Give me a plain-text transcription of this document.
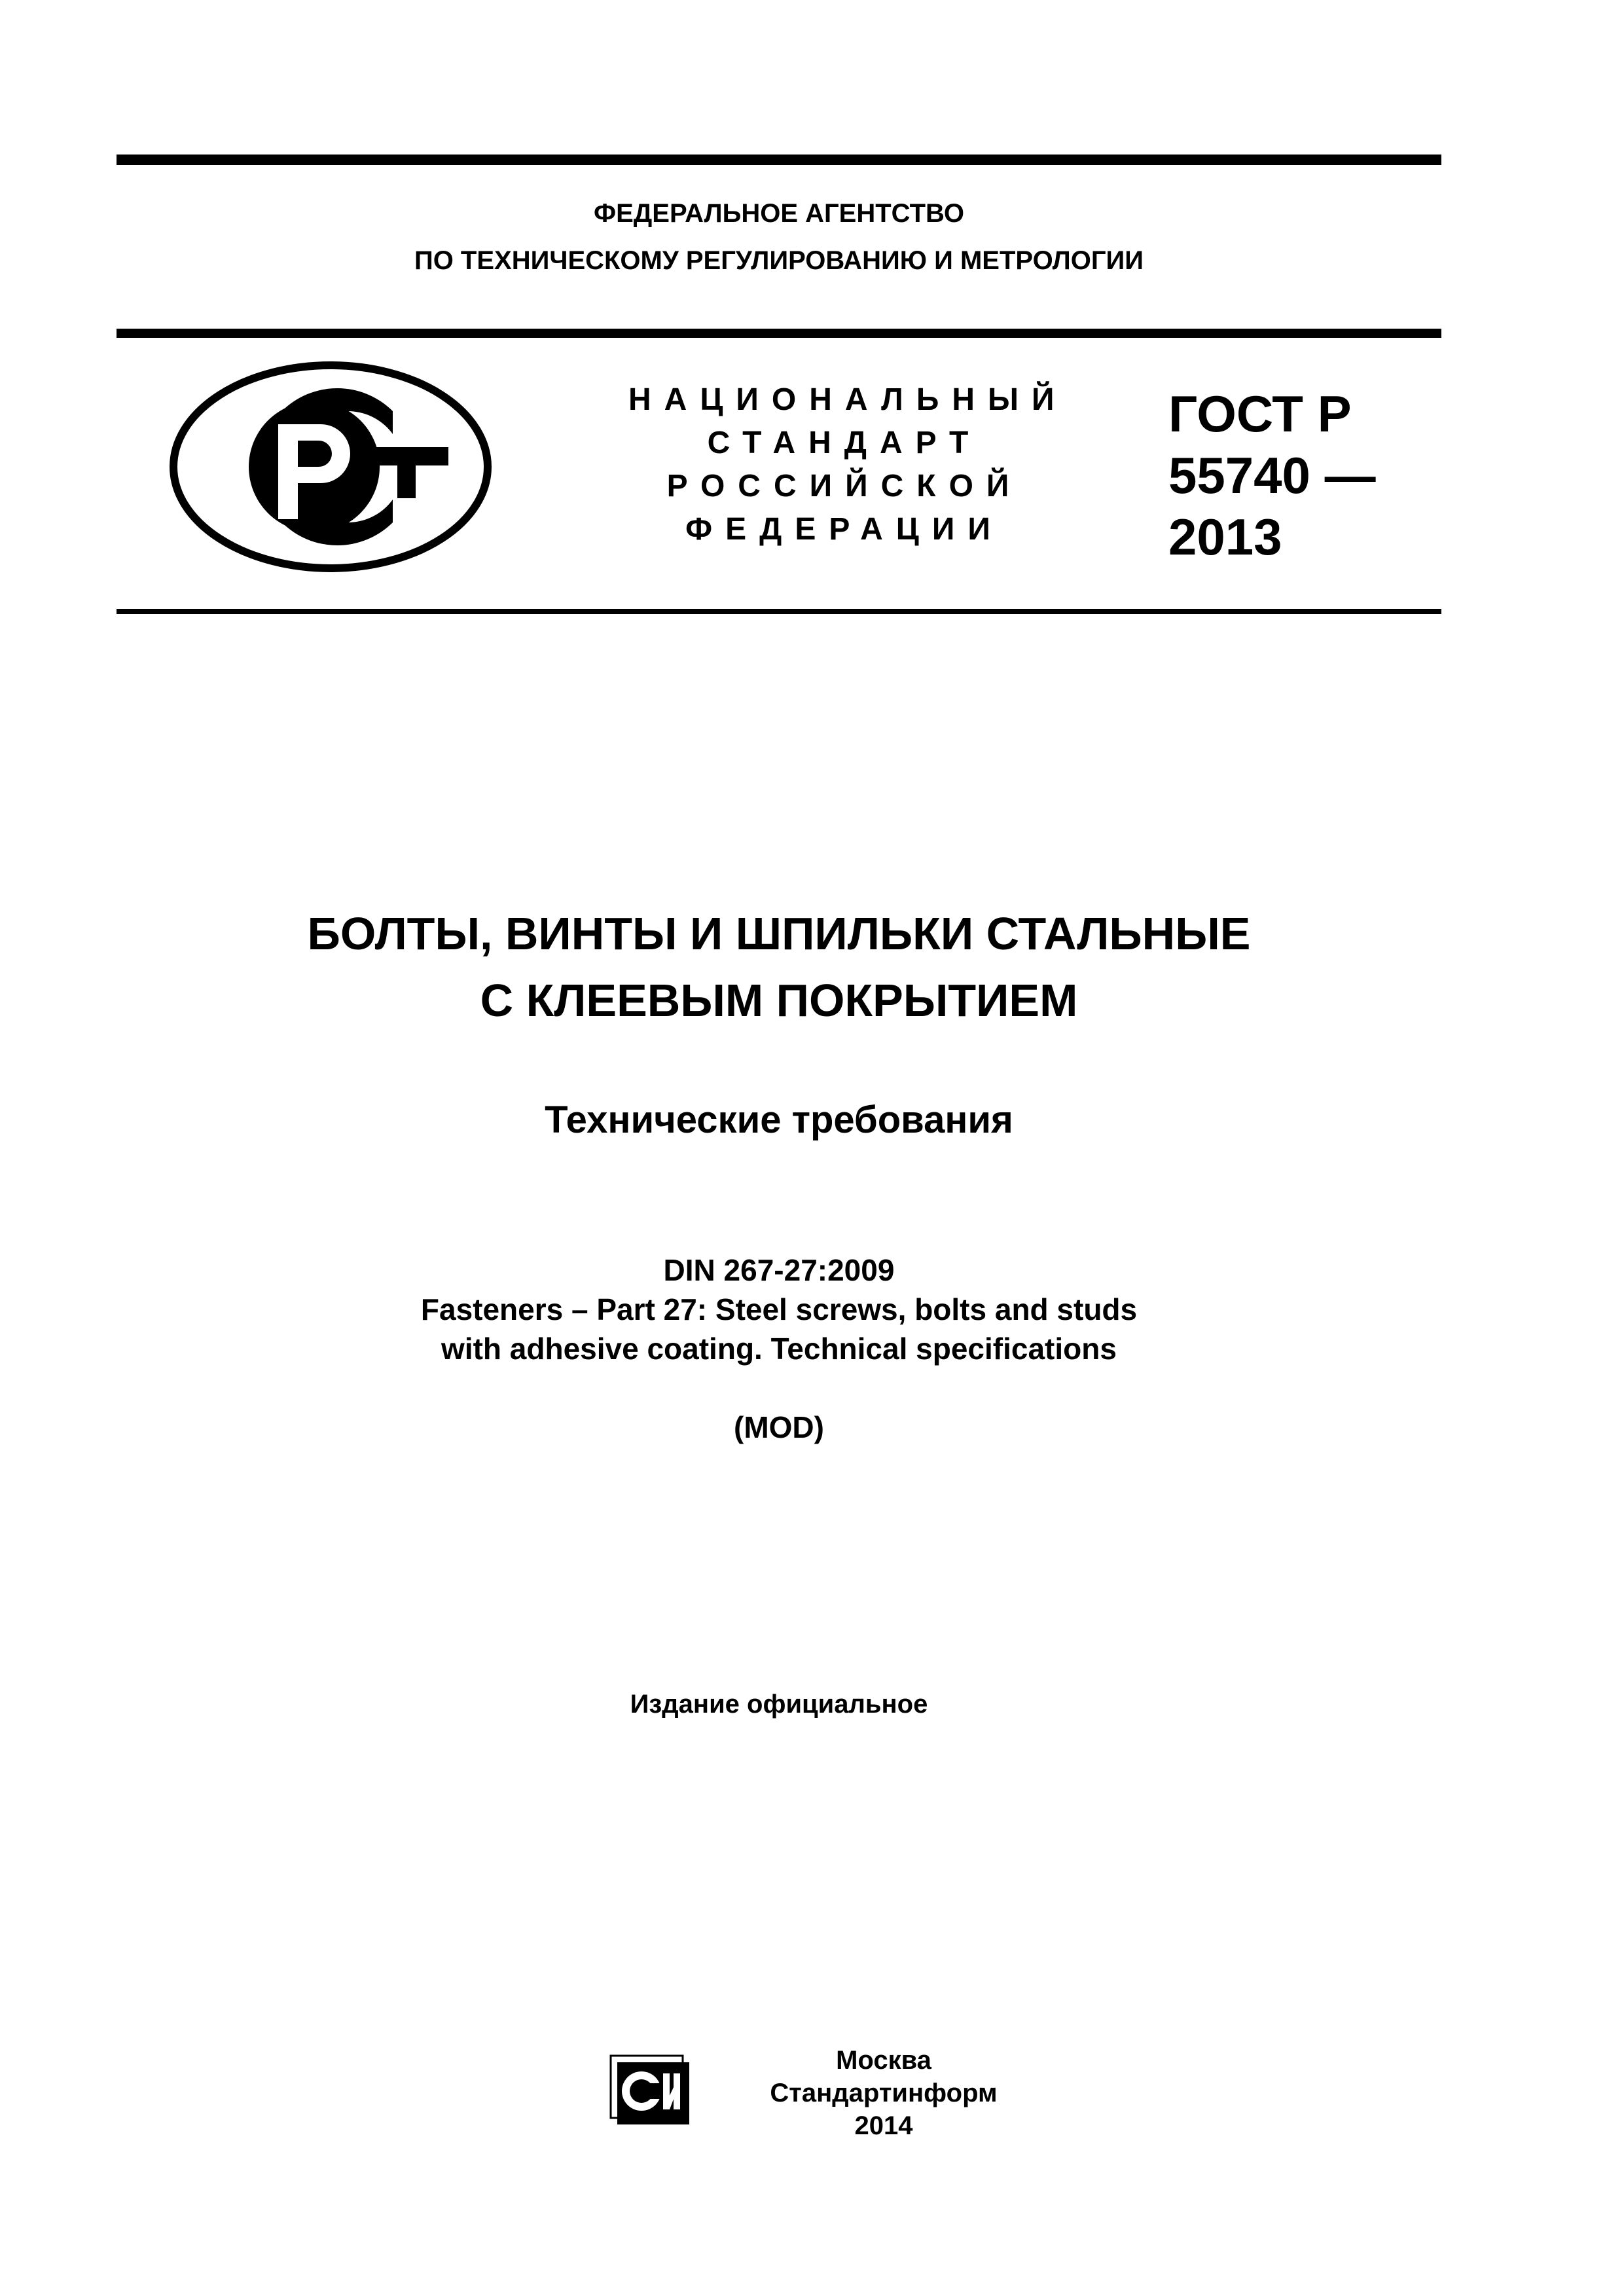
ФЕДЕРАЛЬНОЕ АГЕНТСТВО
ПО ТЕХНИЧЕСКОМУ РЕГУЛИРОВАНИЮ И МЕТРОЛОГИИ
НАЦИОНАЛЬНЫЙ
СТАНДАРТ
РОССИЙСКОЙ
ФЕДЕРАЦИИ
ГОСТ Р
55740 —
2013
БОЛТЫ, ВИНТЫ И ШПИЛЬКИ СТАЛЬНЫЕ
С КЛЕЕВЫМ ПОКРЫТИЕМ
Технические требования
DIN 267-27:2009
Fasteners – Part 27: Steel screws, bolts and studs
with adhesive coating. Technical specifications
(MOD)
Издание официальное
Москва
Стандартинформ
2014
